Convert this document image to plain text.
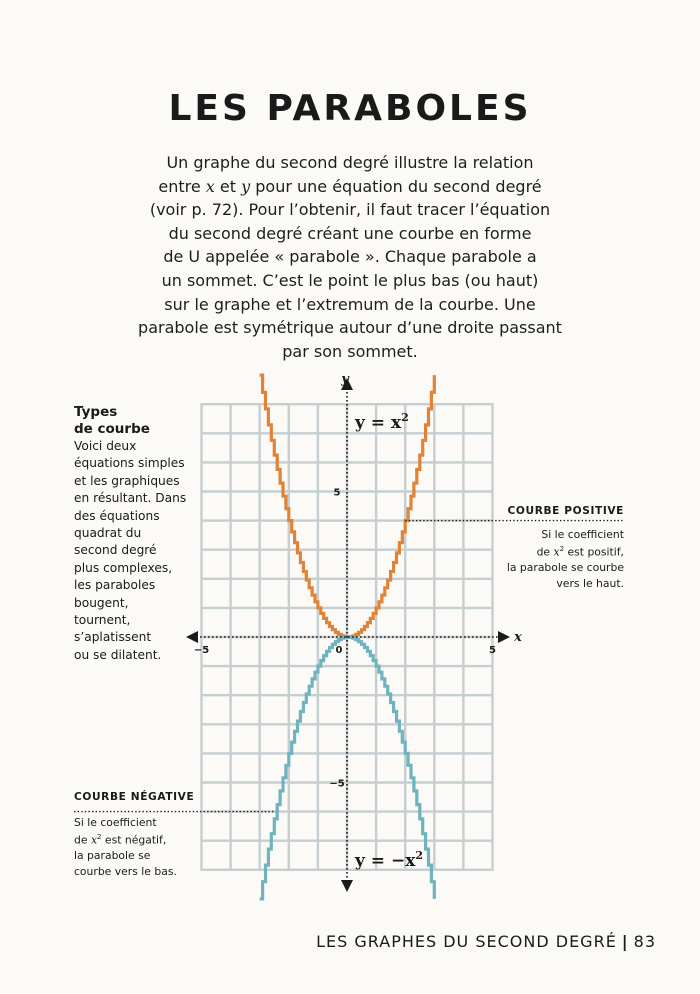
LES PARABOLES
Un graphe du second degré illustre la relation
entre x et y pour une équation du second degré
(voir p. 72). Pour l’obtenir, il faut tracer l’équation
du second degré créant une courbe en forme
de U appelée « parabole ». Chaque parabole a
un sommet. C’est le point le plus bas (ou haut)
sur le graphe et l’extremum de la courbe. Une
parabole est symétrique autour d’une droite passant
par son sommet.
Types
de courbe
Voici deux
équations simples
et les graphiques
en résultant. Dans
des équations
quadrat du
second degré
plus complexes,
les paraboles
bougent,
tournent,
s’aplatissent
ou se dilatent.
COURBE POSITIVE
Si le coefficient
de $x^2$ est positif,
la parabole se courbe
vers le haut.
COURBE NÉGATIVE
Si le coefficient
de $x^2$ est négatif,
la parabole se
courbe vers le bas.
−5	0	5
5
−5
x
y
$y = x^2$
$y = -x^2$
LES GRAPHES DU SECOND DEGRÉ | 83
